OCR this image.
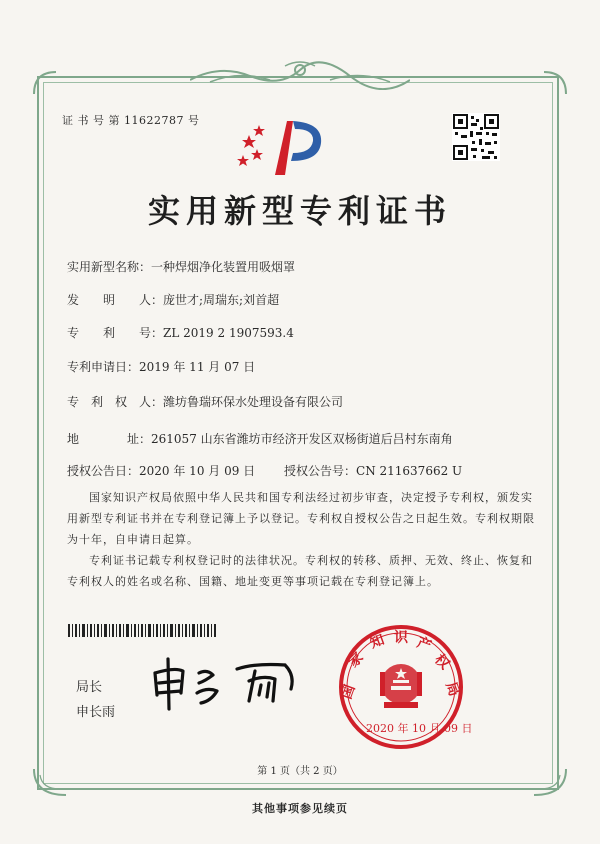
证 书 号 第 11622787 号
实用新型专利证书
实用新型名称：一种焊烟净化装置用吸烟罩
发　　明　　人：庞世才;周瑞东;刘首超
专　　利　　号：ZL 2019 2 1907593.4
专利申请日：2019 年 11 月 07 日
专　利　权　人：潍坊鲁瑞环保水处理设备有限公司
地　　　　址：261057 山东省潍坊市经济开发区双杨街道后吕村东南角
授权公告日：2020 年 10 月 09 日 授权公告号：CN 211637662 U
国家知识产权局依照中华人民共和国专利法经过初步审查，决定授予专利权，颁发实用新型专利证书并在专利登记簿上予以登记。专利权自授权公告之日起生效。专利权期限为十年，自申请日起算。
专利证书记载专利权登记时的法律状况。专利权的转移、质押、无效、终止、恢复和专利权人的姓名或名称、国籍、地址变更等事项记载在专利登记簿上。
局长
申长雨
国
家
知 识 产
权
局
2020 年 10 月 09 日
第 1 页（共 2 页）
其他事项参见续页
